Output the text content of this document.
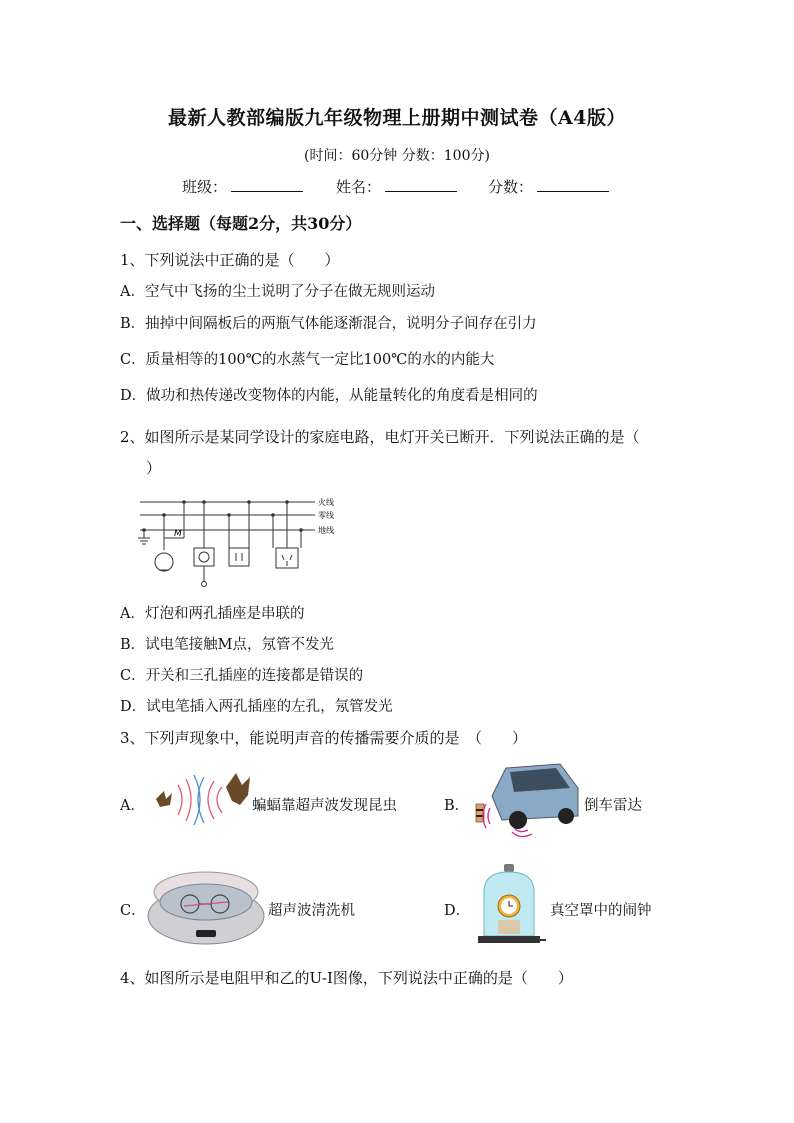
最新人教部编版九年级物理上册期中测试卷（A4版）
(时间：60分钟 分数：100分)
班级：	姓名：	分数：
一、选择题（每题2分，共30分）
1、下列说法中正确的是（　　）
A．空气中飞扬的尘土说明了分子在做无规则运动
B．抽掉中间隔板后的两瓶气体能逐渐混合，说明分子间存在引力
C．质量相等的100℃的水蒸气一定比100℃的水的内能大
D．做功和热传递改变物体的内能，从能量转化的角度看是相同的
2、如图所示是某同学设计的家庭电路，电灯开关已断开．下列说法正确的是（
）
火线
零线
地线
M
A．灯泡和两孔插座是串联的
B．试电笔接触M点，氖管不发光
C．开关和三孔插座的连接都是错误的
D．试电笔插入两孔插座的左孔，氖管发光
3、下列声现象中，能说明声音的传播需要介质的是　（　　）
A．	蝙蝠靠超声波发现昆虫	B．	倒车雷达
C．	超声波清洗机	D．	真空罩中的闹钟
4、如图所示是电阻甲和乙的U-I图像，下列说法中正确的是（　　）
